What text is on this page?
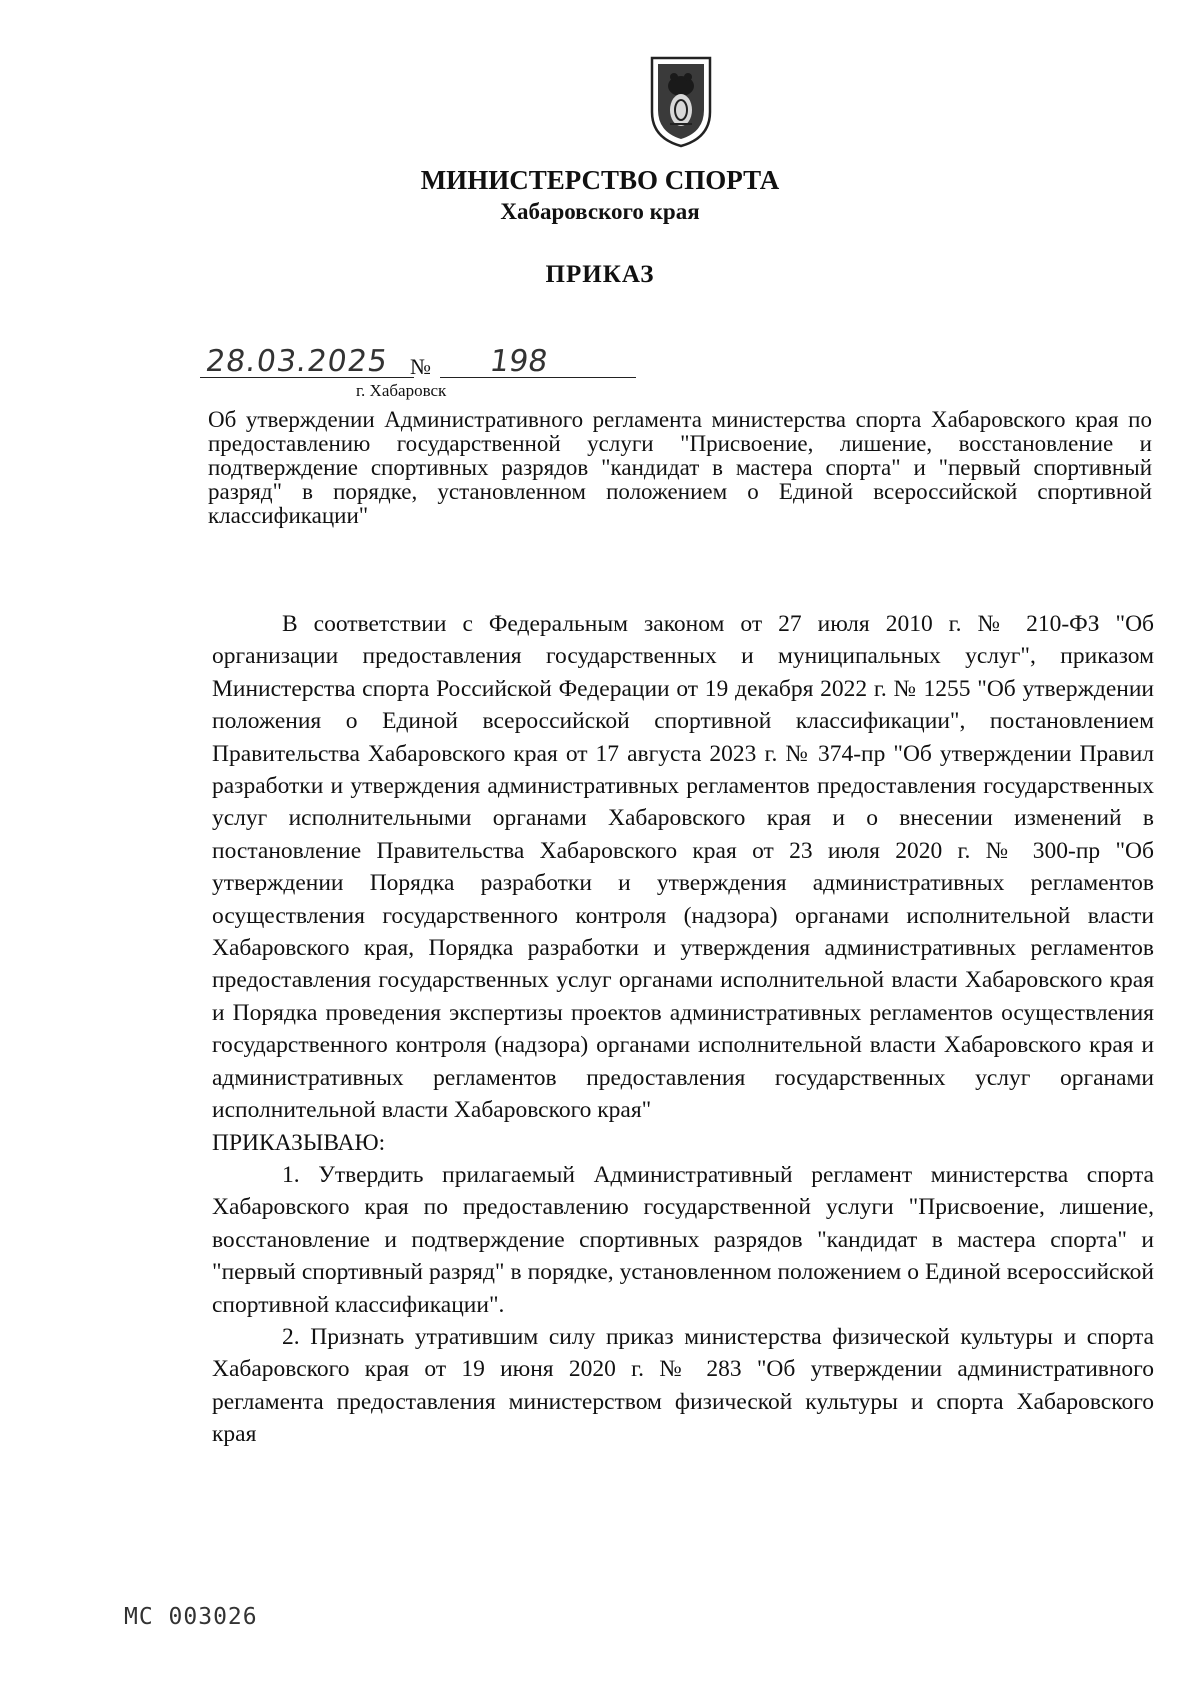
МИНИСТЕРСТВО СПОРТА
Хабаровского края
ПРИКАЗ
28.03.2025 № 198
г. Хабаровск
Об утверждении Административного регламента министерства спорта Хабаровского края по предоставлению государственной услуги "Присвоение, лишение, восстановление и подтверждение спортивных разрядов "кандидат в мастера спорта" и "первый спортивный разряд" в порядке, установленном положением о Единой всероссийской спортивной классификации"

В соответствии с Федеральным законом от 27 июля 2010 г. № 210-ФЗ "Об организации предоставления государственных и муниципальных услуг", приказом Министерства спорта Российской Федерации от 19 декабря 2022 г. № 1255 "Об утверждении положения о Единой всероссийской спортивной классификации", постановлением Правительства Хабаровского края от 17 августа 2023 г. № 374-пр "Об утверждении Правил разработки и утверждения административных регламентов предоставления государственных услуг исполнительными органами Хабаровского края и о внесении изменений в постановление Правительства Хабаровского края от 23 июля 2020 г. № 300-пр "Об утверждении Порядка разработки и утверждения административных регламентов осуществления государственного контроля (надзора) органами исполнительной власти Хабаровского края, Порядка разработки и утверждения административных регламентов предоставления государственных услуг органами исполнительной власти Хабаровского края и Порядка проведения экспертизы проектов административных регламентов осуществления государственного контроля (надзора) органами исполнительной власти Хабаровского края и административных регламентов предоставления государственных услуг органами исполнительной власти Хабаровского края"

ПРИКАЗЫВАЮ:

1. Утвердить прилагаемый Административный регламент министерства спорта Хабаровского края по предоставлению государственной услуги "Присвоение, лишение, восстановление и подтверждение спортивных разрядов "кандидат в мастера спорта" и "первый спортивный разряд" в порядке, установленном положением о Единой всероссийской спортивной классификации".

2. Признать утратившим силу приказ министерства физической культуры и спорта Хабаровского края от 19 июня 2020 г. № 283 "Об утверждении административного регламента предоставления министерством физической культуры и спорта Хабаровского края

МС 003026
